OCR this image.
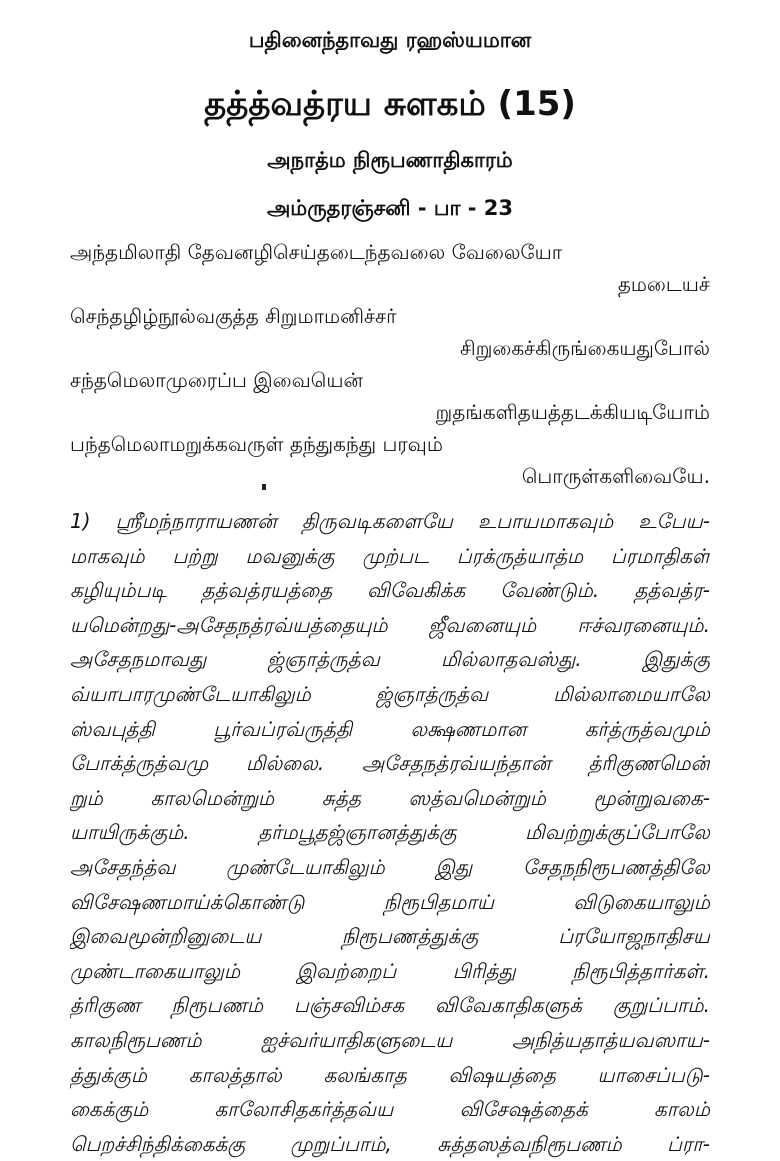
பதினைந்தாவது ரஹஸ்யமான
தத்த்வத்ரய சுளகம் (15)
அநாத்ம நிரூபணாதிகாரம்
அம்ருதரஞ்சனி - பா - 23
அந்தமிலாதி தேவனழிசெய்தடைந்தவலை வேலையோ
தமடையச்
செந்தழிழ்நூல்வகுத்த சிறுமாமனிச்சர்
சிறுகைச்கிருங்கையதுபோல்
சந்தமெலாமுரைப்ப இவையென்
றுதங்களிதயத்தடக்கியடியோம்
பந்தமெலாமறுக்கவருள் தந்துகந்து பரவும்
பொருள்களிவையே.
1) ஸ்ரீமந்நாராயணன் திருவடிகளையே உபாயமாகவும் உபேய-
மாகவும் பற்று மவனுக்கு முற்பட ப்ரக்ருத்யாத்ம ப்ரமாதிகள்
கழியும்படி தத்வத்ரயத்தை விவேகிக்க வேண்டும். தத்வத்ர-
யமென்றது-அசேதநத்ரவ்யத்தையும் ஜீவனையும் ஈச்வரனையும்.
அசேதநமாவது ஜ்ஞாத்ருத்வ மில்லாதவஸ்து. இதுக்கு
வ்யாபாரமுண்டேயாகிலும் ஜ்ஞாத்ருத்வ மில்லாமையாலே
ஸ்வபுத்தி பூர்வப்ரவ்ருத்தி லக்ஷணமான கர்த்ருத்வமும்
போக்த்ருத்வமு மில்லை. அசேதநத்ரவ்யந்தான் த்ரிகுணமென்
றும் காலமென்றும் சுத்த ஸத்வமென்றும் மூன்றுவகை-
யாயிருக்கும். தர்மபூதஜ்ஞானத்துக்கு மிவற்றுக்குப்போலே
அசேதந்த்வ முண்டேயாகிலும் இது சேதநநிரூபணத்திலே
விசேஷணமாய்க்கொண்டு நிரூபிதமாய் விடுகையாலும்
இவைமூன்றினுடைய நிரூபணத்துக்கு ப்ரயோஜநாதிசய
முண்டாகையாலும் இவற்றைப் பிரித்து நிரூபித்தார்கள்.
த்ரிகுண நிரூபணம் பஞ்சவிம்சக விவேகாதிகளுக் குறுப்பாம்.
காலநிரூபணம் ஐச்வர்யாதிகளுடைய அநித்யதாத்யவஸாய-
த்துக்கும் காலத்தால் கலங்காத விஷயத்தை யாசைப்படு-
கைக்கும் காலோசிதகர்த்தவ்ய விசேஷத்தைக் காலம்
பெறச்சிந்திக்கைக்கு முறுப்பாம், சுத்தஸத்வநிரூபணம் ப்ரா-
